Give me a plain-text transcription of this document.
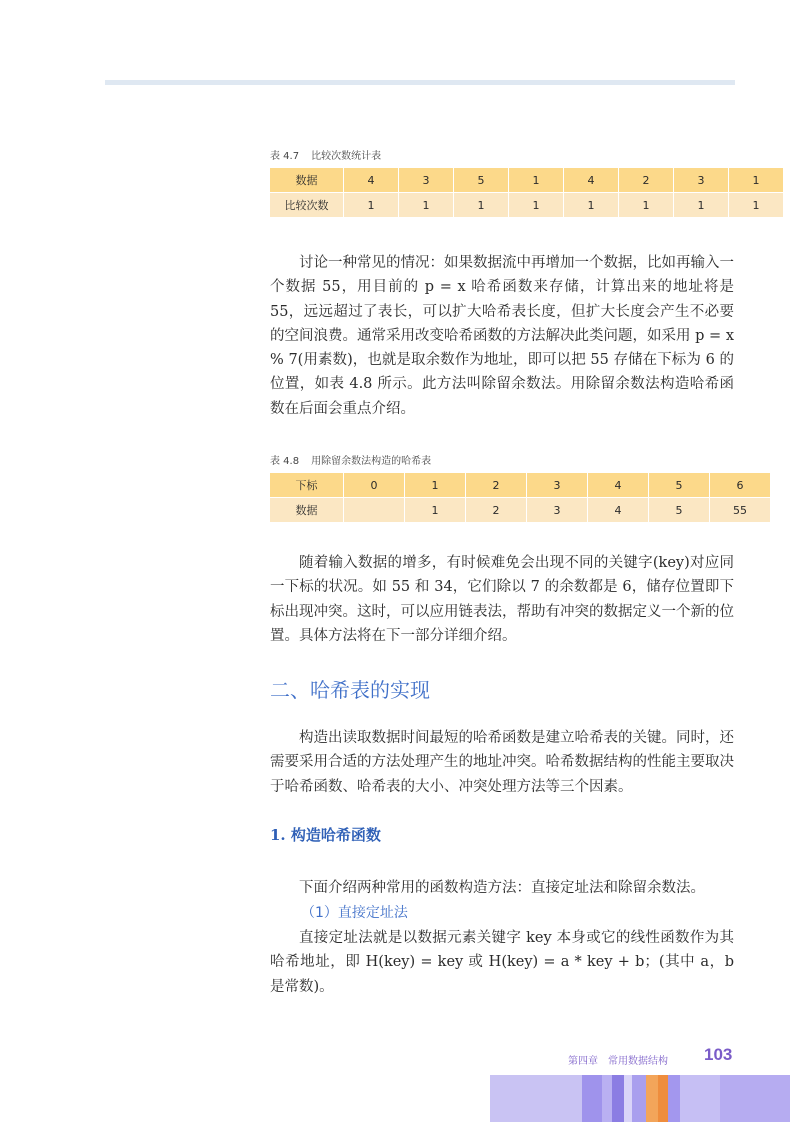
表 4.7 比较次数统计表
数据	4	3	5	1	4	2	3	1
比较次数	1	1	1	1	1	1	1	1

讨论一种常见的情况：如果数据流中再增加一个数据，比如再输入一个数据 55，用目前的 p = x 哈希函数来存储，计算出来的地址将是 55，远远超过了表长，可以扩大哈希表长度，但扩大长度会产生不必要的空间浪费。通常采用改变哈希函数的方法解决此类问题，如采用 p = x % 7(用素数)，也就是取余数作为地址，即可以把 55 存储在下标为 6 的位置，如表 4.8 所示。此方法叫除留余数法。用除留余数法构造哈希函数在后面会重点介绍。

表 4.8 用除留余数法构造的哈希表
下标	0	1	2	3	4	5	6
数据		1	2	3	4	5	55

随着输入数据的增多，有时候难免会出现不同的关键字(key)对应同一下标的状况。如 55 和 34，它们除以 7 的余数都是 6，储存位置即下标出现冲突。这时，可以应用链表法，帮助有冲突的数据定义一个新的位置。具体方法将在下一部分详细介绍。

二、哈希表的实现

构造出读取数据时间最短的哈希函数是建立哈希表的关键。同时，还需要采用合适的方法处理产生的地址冲突。哈希数据结构的性能主要取决于哈希函数、哈希表的大小、冲突处理方法等三个因素。

1. 构造哈希函数

下面介绍两种常用的函数构造方法：直接定址法和除留余数法。

（1）直接定址法

直接定址法就是以数据元素关键字 key 本身或它的线性函数作为其哈希地址，即 H(key) = key 或 H(key) = a * key + b；(其中 a，b 是常数)。

第四章 常用数据结构 103
